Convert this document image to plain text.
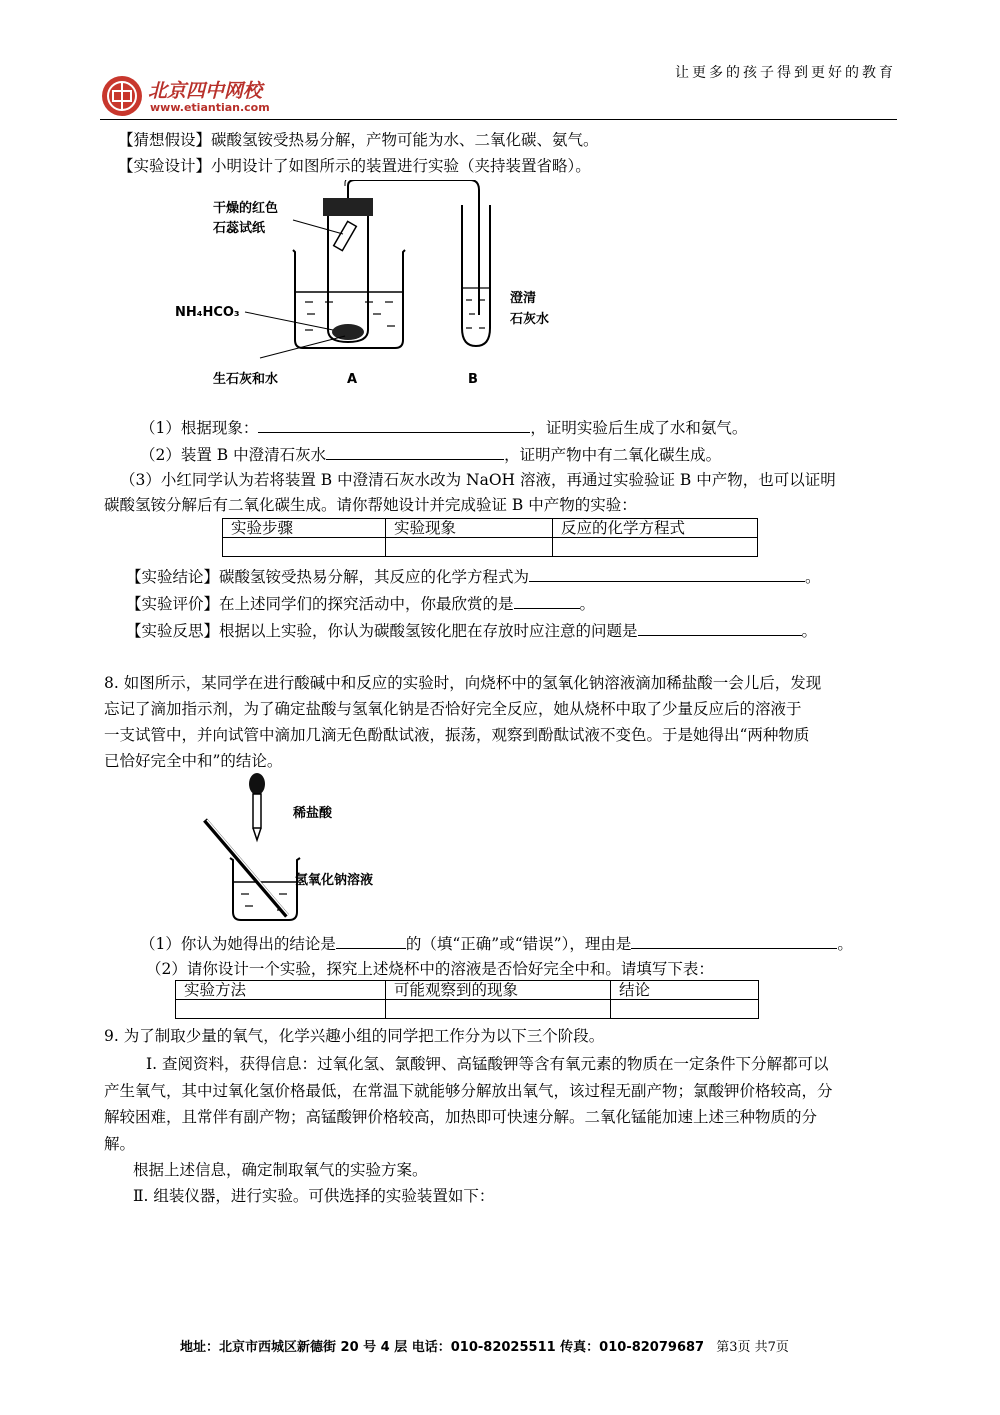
北京四中网校
www.etiantian.com
让更多的孩子得到更好的教育
【猜想假设】碳酸氢铵受热易分解，产物可能为水、二氧化碳、氨气。
【实验设计】小明设计了如图所示的装置进行实验（夹持装置省略）。
干燥的红色
石蕊试纸
NH₄HCO₃
澄清
石灰水
生石灰和水	A	B
（1）根据现象：	，证明实验后生成了水和氨气。
（2）装置 B 中澄清石灰水	，证明产物中有二氧化碳生成。
（3）小红同学认为若将装置 B 中澄清石灰水改为 NaOH 溶液，再通过实验验证 B 中产物，也可以证明
碳酸氢铵分解后有二氧化碳生成。请你帮她设计并完成验证 B 中产物的实验：
实验步骤	实验现象	反应的化学方程式

【实验结论】碳酸氢铵受热易分解，其反应的化学方程式为	。
【实验评价】在上述同学们的探究活动中，你最欣赏的是	。
【实验反思】根据以上实验，你认为碳酸氢铵化肥在存放时应注意的问题是	。
8. 如图所示，某同学在进行酸碱中和反应的实验时，向烧杯中的氢氧化钠溶液滴加稀盐酸一会儿后，发现
忘记了滴加指示剂，为了确定盐酸与氢氧化钠是否恰好完全反应，她从烧杯中取了少量反应后的溶液于
一支试管中，并向试管中滴加几滴无色酚酞试液，振荡，观察到酚酞试液不变色。于是她得出“两种物质
已恰好完全中和”的结论。
稀盐酸
氢氧化钠溶液
（1）你认为她得出的结论是	的（填“正确”或“错误”），理由是	。
（2）请你设计一个实验，探究上述烧杯中的溶液是否恰好完全中和。请填写下表：
实验方法	可能观察到的现象	结论

9. 为了制取少量的氧气，化学兴趣小组的同学把工作分为以下三个阶段。
Ⅰ. 查阅资料，获得信息：过氧化氢、氯酸钾、高锰酸钾等含有氧元素的物质在一定条件下分解都可以
产生氧气，其中过氧化氢价格最低，在常温下就能够分解放出氧气，该过程无副产物；氯酸钾价格较高，分
解较困难，且常伴有副产物；高锰酸钾价格较高，加热即可快速分解。二氧化锰能加速上述三种物质的分
解。
根据上述信息，确定制取氧气的实验方案。
Ⅱ. 组装仪器，进行实验。可供选择的实验装置如下：
地址：北京市西城区新德街 20 号 4 层 电话：010-82025511 传真：010-82079687 第3页 共7页
